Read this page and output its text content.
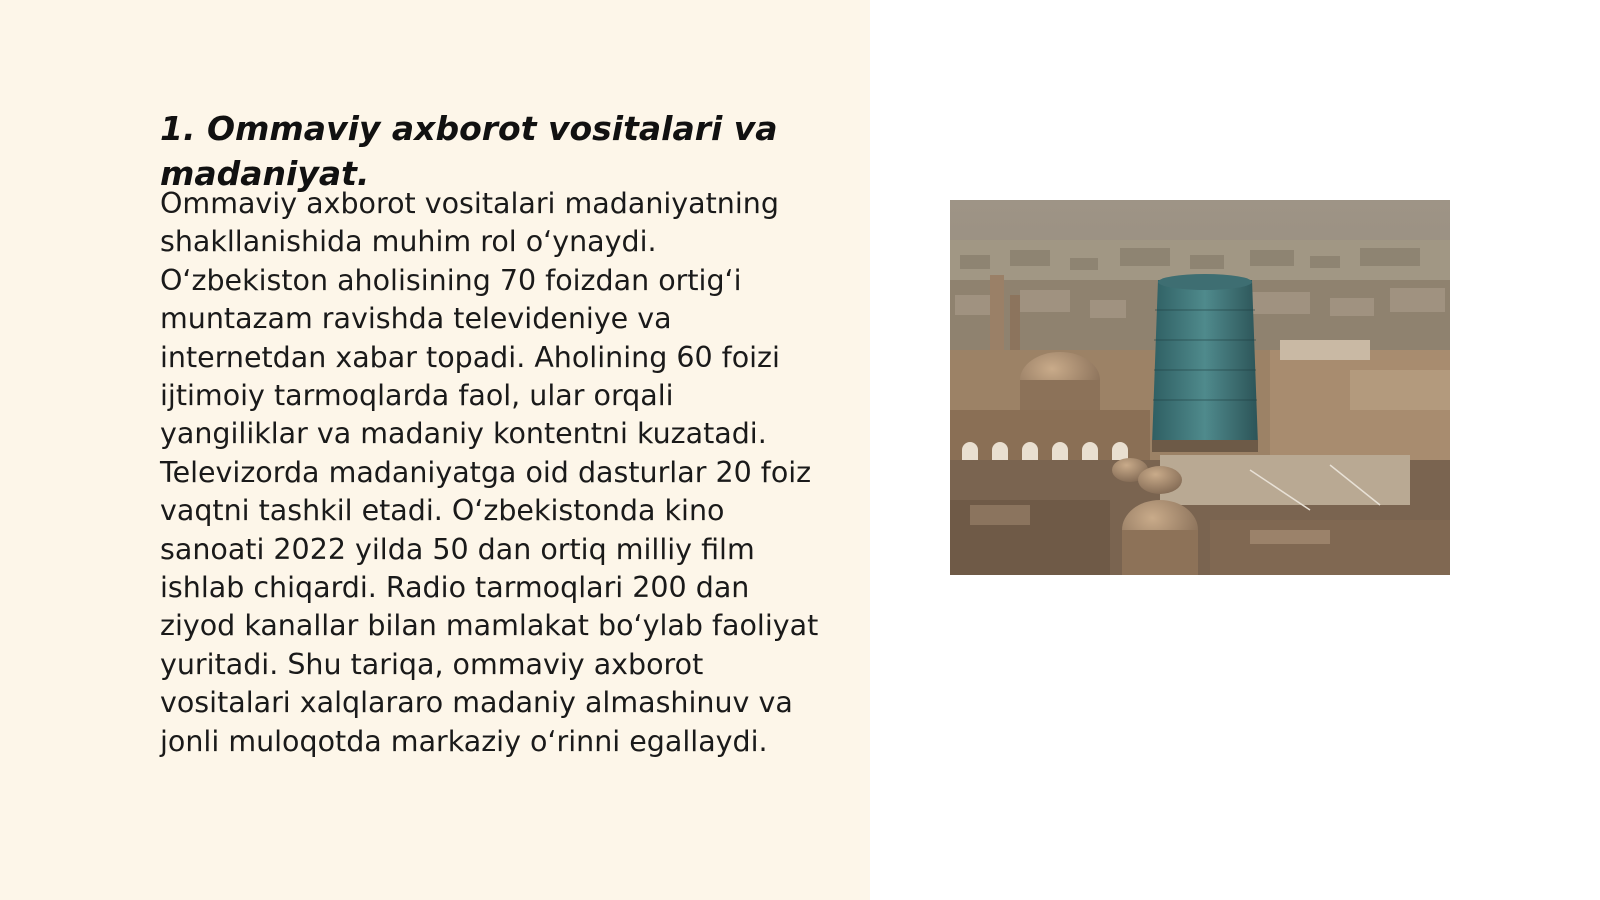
1. Ommaviy axborot vositalari va madaniyat.

Ommaviy axborot vositalari madaniyatning shakllanishida muhim rol oʻynaydi. Oʻzbekiston aholisining 70 foizdan ortigʻi muntazam ravishda televideniye va internetdan xabar topadi. Aholining 60 foizi ijtimoiy tarmoqlarda faol, ular orqali yangiliklar va madaniy kontentni kuzatadi. Televizorda madaniyatga oid dasturlar 20 foiz vaqtni tashkil etadi. Oʻzbekistonda kino sanoati 2022 yilda 50 dan ortiq milliy film ishlab chiqardi. Radio tarmoqlari 200 dan ziyod kanallar bilan mamlakat boʻylab faoliyat yuritadi. Shu tariqa, ommaviy axborot vositalari xalqlararo madaniy almashinuv va jonli muloqotda markaziy oʻrinni egallaydi.
